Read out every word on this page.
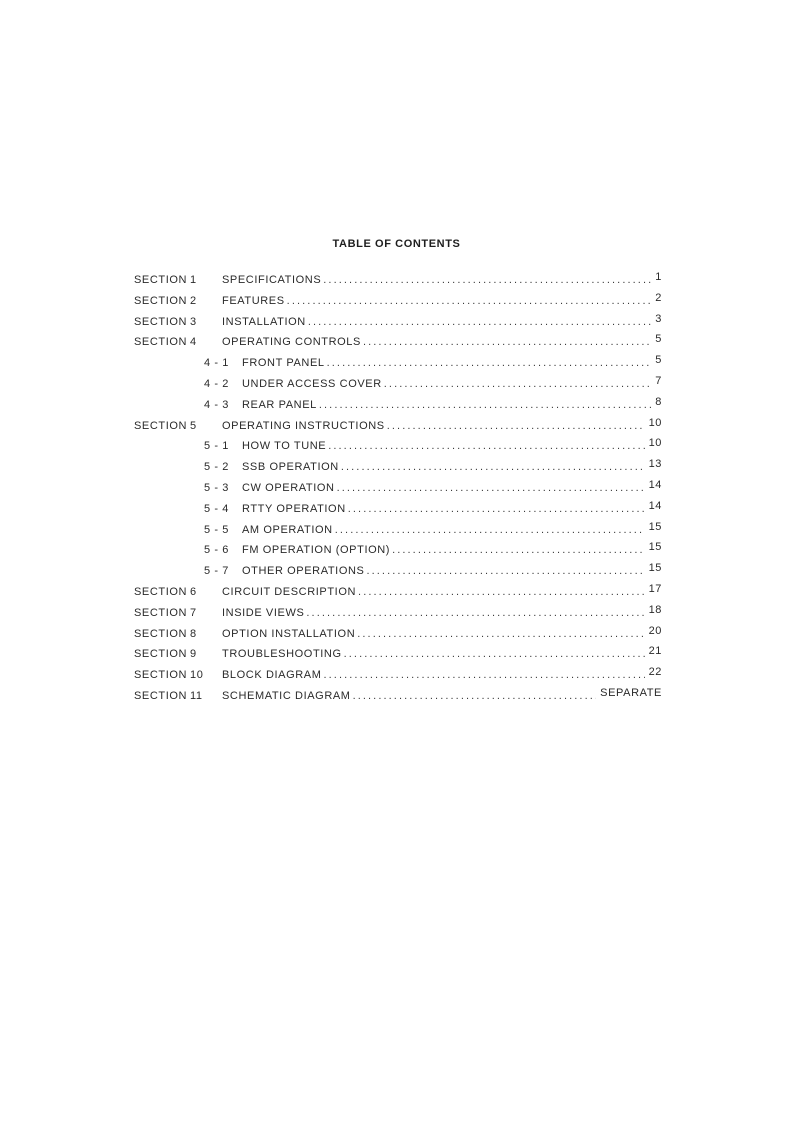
TABLE OF CONTENTS
SECTION 1 SPECIFICATIONS .....	1
SECTION 2 FEATURES .....	2
SECTION 3 INSTALLATION .....	3
SECTION 4 OPERATING CONTROLS .....	5
4 - 1 FRONT PANEL .....	5
4 - 2 UNDER ACCESS COVER .....	7
4 - 3 REAR PANEL .....	8
SECTION 5 OPERATING INSTRUCTIONS .....	10
5 - 1 HOW TO TUNE .....	10
5 - 2 SSB OPERATION .....	13
5 - 3 CW OPERATION .....	14
5 - 4 RTTY OPERATION .....	14
5 - 5 AM OPERATION .....	15
5 - 6 FM OPERATION (OPTION) .....	15
5 - 7 OTHER OPERATIONS .....	15
SECTION 6 CIRCUIT DESCRIPTION .....	17
SECTION 7 INSIDE VIEWS .....	18
SECTION 8 OPTION INSTALLATION .....	20
SECTION 9 TROUBLESHOOTING .....	21
SECTION 10 BLOCK DIAGRAM .....	22
SECTION 11 SCHEMATIC DIAGRAM .....	SEPARATE
